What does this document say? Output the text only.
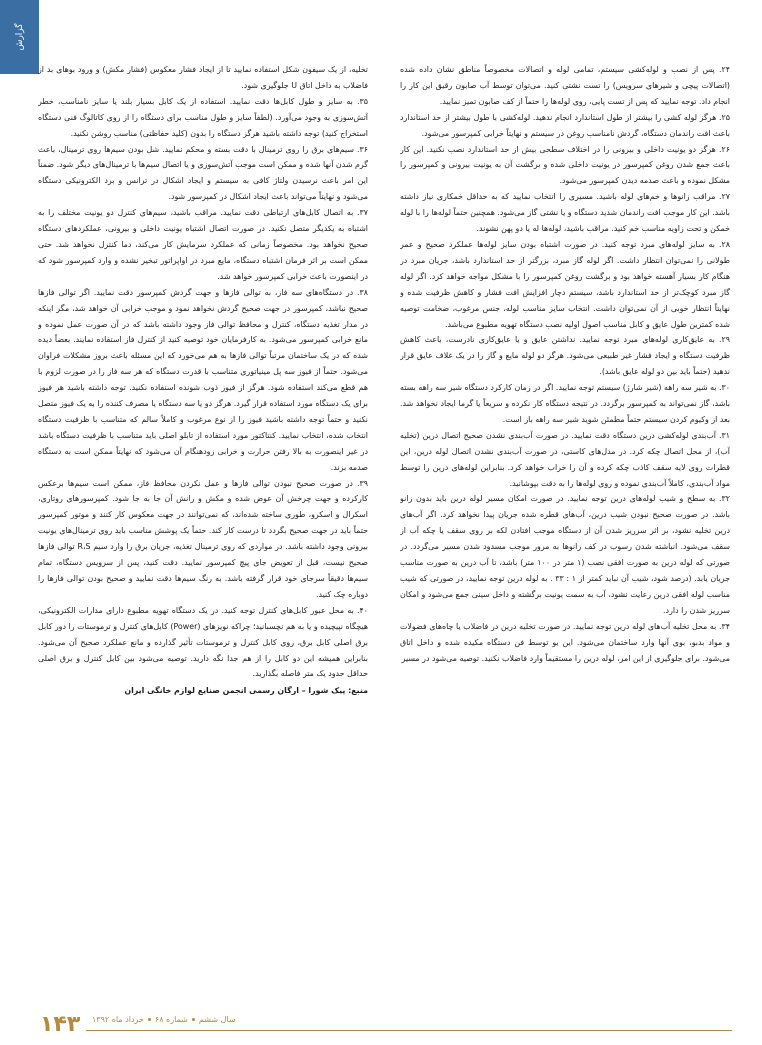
گزارش

۲۴. پس از نصب و لوله‌کشی سیستم، تمامی لوله و اتصالات مخصوصاً مناطق نشان داده شده (اتصالات پیچی و شیرهای سرویس) را تست نشتی کنید. می‌توان توسط آب صابون رقیق این کار را انجام داد. توجه نمایید که پس از تست پایی، روی لوله‌ها را حتماً از کف صابون تمیز نمایید.

۲۵. هرگز لوله کشی را بیشتر از طول استاندارد انجام ندهید. لوله‌کشی با طول بیشتر از حد استاندارد باعث افت راندمان دستگاه، گردش نامناسب روغن در سیستم و نهایتاً خرابی کمپرسور می‌شود.

۲۶. هرگز دو یونیت داخلی و بیرونی را در اختلاف سطحی بیش از حد استاندارد نصب نکنید. این کار باعث جمع شدن روغن کمپرسور در یونیت داخلی شده و برگشت آن به یونیت بیرونی و کمپرسور را مشکل نموده و باعث صدمه دیدن کمپرسور می‌شود.

۲۷. مراقب زانوها و خم‌های لوله باشید. مسیری را انتخاب نمایید که به حداقل خمکاری نیاز داشته باشد. این کار موجب افت راندمان شدید دستگاه و یا نشتی گاز می‌شود. همچنین حتماً لوله‌ها را با لوله خمکن و تحت زاویه مناسب خم کنید. مراقب باشید، لوله‌ها له یا دو پهن نشوند.

۲۸. به سایز لوله‌های مبرد توجه کنید. در صورت اشتباه بودن سایز لوله‌ها عملکرد صحیح و عمر طولانی را نمی‌توان انتظار داشت. اگر لوله گاز مبرد، بزرگتر از حد استاندارد باشد، جریان مبرد در هنگام کار بسیار آهسته خواهد بود و برگشت روغن کمپرسور را با مشکل مواجه خواهد کرد. اگر لوله گاز مبرد کوچک‌تر از حد استاندارد باشد، سیستم دچار افزایش افت فشار و کاهش ظرفیت شده و نهایتاً انتظار خوبی از آن نمی‌توان داشت. انتخاب سایز مناسب لوله، جنس مرغوب، ضخامت توصیه شده کمترین طول عایق و کابل مناسب اصول اولیه نصب دستگاه تهویه مطبوع می‌باشد.

۲۹. به عایق‌کاری لوله‌های مبرد توجه نمایید. نداشتن عایق و یا عایق‌کاری نادرست، باعث کاهش ظرفیت دستگاه و ایجاد فشار غیر طبیعی می‌شود. هرگز دو لوله مایع و گاز را در یک غلاف عایق قرار ندهید (حتماً باید بین دو لوله عایق باشد).

۳۰. به شیر سه راهه (شیر شارژ) سیستم توجه نمایید. اگر در زمان کارکرد دستگاه شیر سه راهه بسته باشد، گاز نمی‌تواند به کمپرسور برگردد. در نتیجه دستگاه کار نکرده و سریعاً یا گرما ایجاد نخواهد شد. بعد از وکیوم کردن سیستم حتماً مطمئن شوید شیر سه راهه باز است.

۳۱. آب‌بندی لوله‌کشی درین دستگاه دقت نمایید. در صورت آب‌بندی نشدن صحیح اتصال درین (تخلیه آب)، از محل اتصال چکه کرد. در مدل‌های کاستی، در صورت آب‌بندی نشدن اتصال لوله درین، این قطرات روی لایه سقف کاذب چکه کرده و آن را خراب خواهد کرد. بنابراین لوله‌های درین را توسط مواد آب‌بندی، کاملاً آب‌بندی نموده و روی لوله‌ها را به دقت بپوشانید.

۳۲. به سطح و شیب لوله‌های درین توجه نمایید. در صورت امکان مسیر لوله درین باید بدون زانو باشد. در صورت صحیح نبودن شیب درین، آب‌های قطره شده جریان پیدا نخواهد کرد. اگر آب‌های درین تخلیه نشود، بر اثر سرریز شدن آن از دستگاه موجب افتادن لکه بر روی سقف یا چکه آب از سقف می‌شود. انباشته شدن رسوب در کف زانوها به مرور موجب مسدود شدن مسیر می‌گردد. در صورتی که لوله درین به صورت افقی نصب (۱ متر در ۱۰۰ متر) باشد، تا آب درین به صورت مناسب جریان یابد. (درصد شود، شیب آن نباید کمتر از ۱ : ۳۳ . به لوله درین توجه نمایید، در صورتی که شیب مناسب لوله افقی درین رعایت نشود، آب به سمت یونیت برگشته و داخل سینی جمع می‌شود و امکان سرریز شدن را دارد.

۳۴. به محل تخلیه آب‌های لوله درین توجه نمایید. در صورت تخلیه درین در فاضلاب یا چاه‌های فضولات و مواد بدبو، بوی آنها وارد ساختمان می‌شود. این بو توسط فن دستگاه مکیده شده و داخل اتاق می‌شود. برای جلوگیری از این امر، لوله درین را مستقیماً وارد فاضلاب نکنید. توصیه می‌شود در مسیر

تخلیه، از یک سیفون شکل استفاده نمایید تا از ایجاد فشار معکوس (فشار مکش) و ورود بوهای بد از فاضلاب به داخل اتاق U جلوگیری شود.

۳۵. به سایز و طول کابل‌ها دقت نمایید. استفاده از یک کابل بسیار بلند یا سایز نامناسب، خطر آتش‌سوزی به وجود می‌آورد. (لطفاً سایز و طول مناسب برای دستگاه را از روی کاتالوگ فنی دستگاه استخراج کنید) توجه داشته باشید هرگز دستگاه را بدون (کلید حفاظتی) مناسب روشن نکنید.

۳۶. سیم‌های برق را روی ترمینال با دقت بسته و محکم نمایید. شل بودن سیم‌ها روی ترمینال، باعث گرم شدن آنها شده و ممکن است موجب آتش‌سوزی و یا اتصال سیم‌ها با ترمینال‌های دیگر شود. ضمناً این امر باعث نرسیدن ولتاژ کافی به سیستم و ایجاد اشکال در ترانس و برد الکترونیکی دستگاه می‌شود و نهایتاً می‌تواند باعث ایجاد اشکال در کمپرسور شود.

۳۷. به اتصال کابل‌های ارتباطی دقت نمایید. مراقب باشید، سیم‌های کنترل دو یونیت مختلف را به اشتباه به یکدیگر متصل نکنید. در صورت اتصال اشتباه یونیت داخلی و بیرونی، عملکردهای دستگاه صحیح نخواهد بود. مخصوصاً زمانی که عملکرد سرمایش کار می‌کند، دما کنترل نخواهد شد. حتی ممکن است بر اثر فرمان اشتباه دستگاه، مایع مبرد در اواپراتور تبخیر نشده و وارد کمپرسور شود که در اینصورت باعث خرابی کمپرسور خواهد شد.

۳۸. در دستگاه‌های سه فاز، به توالی فازها و جهت گردش کمپرسور دقت نمایید. اگر توالی فازها صحیح نباشد، کمپرسور در جهت صحیح گردش نخواهد نمود و موجب خرابی آن خواهد شد، مگر اینکه در مدار تغذیه دستگاه، کنترل و محافظ توالی فاز وجود داشته باشد که در آن صورت عمل نموده و مانع خرابی کمپرسور می‌شود. به کارفرمایان خود توصیه کنید از کنترل فاز استفاده نمایند. بعضاً دیده شده که در یک ساختمان مرتباً توالی فازها به هم می‌خورد که این مسئله باعث بروز مشکلات فراوان می‌شود. حتماً از فیوز سه پل مینیاتوری متناسب با قدرت دستگاه که هر سه فاز را در صورت لزوم با هم قطع می‌کند استفاده شود. هرگز از فیوز ذوب شونده استفاده نکنید. توجه داشته باشید هر فیوز برای یک دستگاه مورد استفاده قرار گیرد. هرگز دو یا سه دستگاه یا مصرف کننده را به یک فیوز متصل نکنید و حتماً توجه داشته باشید فیوز را از نوع مرغوب و کاملاً سالم که متناسب با ظرفیت دستگاه انتخاب شده، انتخاب نمایید. کنتاکتور مورد استفاده از تابلو اصلی باید متناسب با ظرفیت دستگاه باشد در غیر اینصورت به بالا رفتن حرارت و خرابی زودهنگام آن می‌شود که نهایتاً ممکن است به دستگاه صدمه بزند.

۳۹. در صورت صحیح نبودن توالی فازها و عمل نکردن محافظ فاز، ممکن است سیم‌ها برعکس کارکرده و جهت چرخش آن عوض شده و مکش و رانش آن جا به جا شود. کمپرسورهای روتاری، اسکرال و اسکرو، طوری ساخته شده‌اند، که نمی‌توانند در جهت معکوس کار کنند و موتور کمپرسور حتماً باید در جهت صحیح بگردد تا درست کار کند. حتماً یک پوشش مناسب باید روی ترمینال‌های یونیت بیرونی وجود داشته باشد. در مواردی که روی ترمینال تغذیه، جریان برق را وارد سیم R،S توالی فازها صحیح نیست، قبل از تعویض جای پیچ کمپرسور نمایید. دقت کنید، پس از سرویس دستگاه، تمام سیم‌ها دقیقاً سرجای خود قرار گرفته باشد. به رنگ سیم‌ها دقت نمایید و صحیح بودن توالی فازها را دوباره چک کنید.

۴۰. به محل عبور کابل‌های کنترل توجه کنید. در یک دستگاه تهویه مطبوع دارای مدارات الکترونیکی، هیچگاه نپیچیده و یا به هم نچسبانید؛ چراکه نویزهای (Power) کابل‌های کنترل و ترموستات را دور کابل برق اصلی کابل برق، روی کابل کنترل و ترموستات تأثیر گذارده و مانع عملکرد صحیح آن می‌شود. بنابراین همیشه این دو کابل را از هم جدا نگه دارید. توصیه می‌شود بین کابل کنترل و برق اصلی حداقل حدود یک متر فاصله بگذارید.

منبع: پیک شورا – ارگان رسمی انجمن صنایع لوازم خانگی ایران

۱۴۳	سال ششمشماره ۶۸خرداد ماه ۱۳۹۲
